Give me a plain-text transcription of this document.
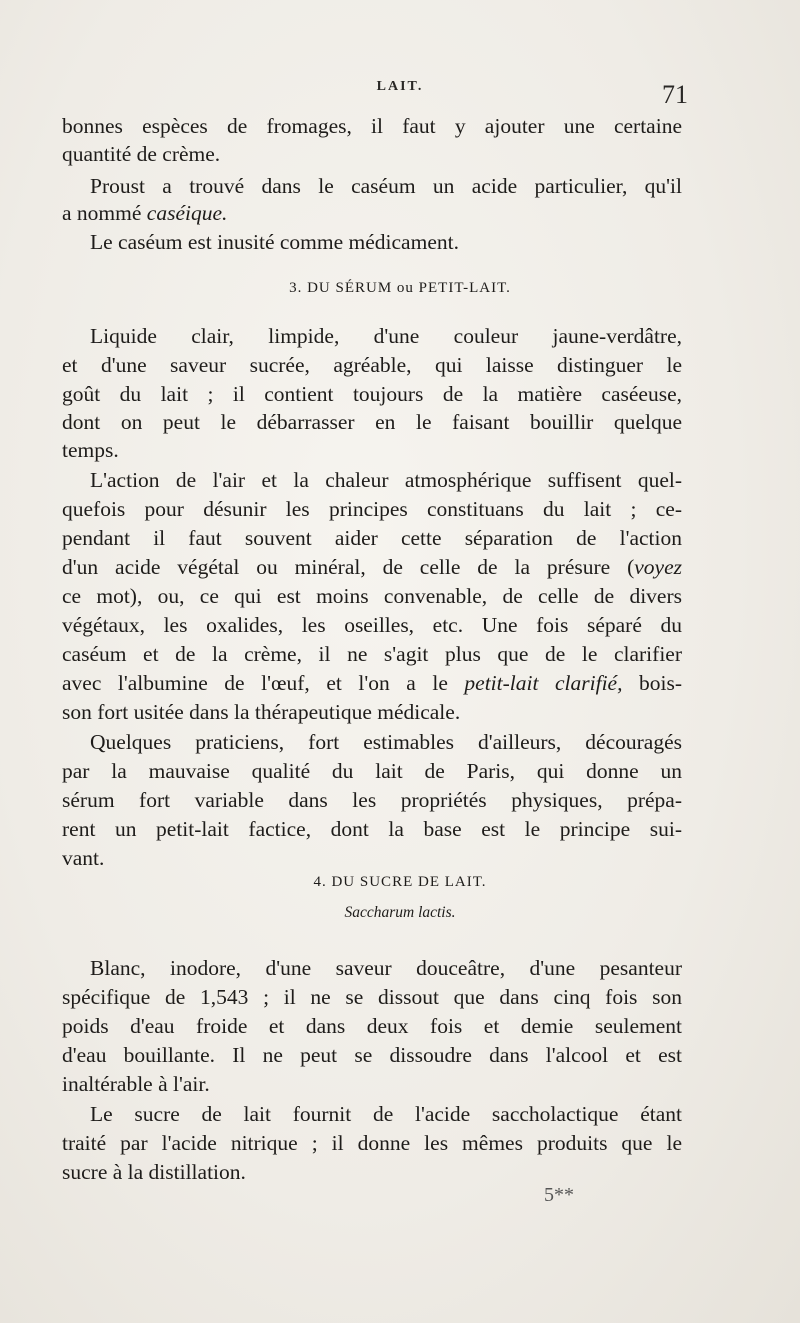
LAIT.	71
bonnes espèces de fromages, il faut y ajouter une certaine
quantité de crème.
Proust a trouvé dans le caséum un acide particulier, qu'il
a nommé caséique.
Le caséum est inusité comme médicament.
3. DU SÉRUM ou PETIT-LAIT.
Liquide clair, limpide, d'une couleur jaune-verdâtre,
et d'une saveur sucrée, agréable, qui laisse distinguer le
goût du lait ; il contient toujours de la matière caséeuse,
dont on peut le débarrasser en le faisant bouillir quelque
temps.
L'action de l'air et la chaleur atmosphérique suffisent quel-
quefois pour désunir les principes constituans du lait ; ce-
pendant il faut souvent aider cette séparation de l'action
d'un acide végétal ou minéral, de celle de la présure (voyez
ce mot), ou, ce qui est moins convenable, de celle de divers
végétaux, les oxalides, les oseilles, etc. Une fois séparé du
caséum et de la crème, il ne s'agit plus que de le clarifier
avec l'albumine de l'œuf, et l'on a le petit-lait clarifié, bois-
son fort usitée dans la thérapeutique médicale.
Quelques praticiens, fort estimables d'ailleurs, découragés
par la mauvaise qualité du lait de Paris, qui donne un
sérum fort variable dans les propriétés physiques, prépa-
rent un petit-lait factice, dont la base est le principe sui-
vant.
4. DU SUCRE DE LAIT.
Saccharum lactis.
Blanc, inodore, d'une saveur douceâtre, d'une pesanteur
spécifique de 1,543 ; il ne se dissout que dans cinq fois son
poids d'eau froide et dans deux fois et demie seulement
d'eau bouillante. Il ne peut se dissoudre dans l'alcool et est
inaltérable à l'air.
Le sucre de lait fournit de l'acide saccholactique étant
traité par l'acide nitrique ; il donne les mêmes produits que le
sucre à la distillation.
5**
